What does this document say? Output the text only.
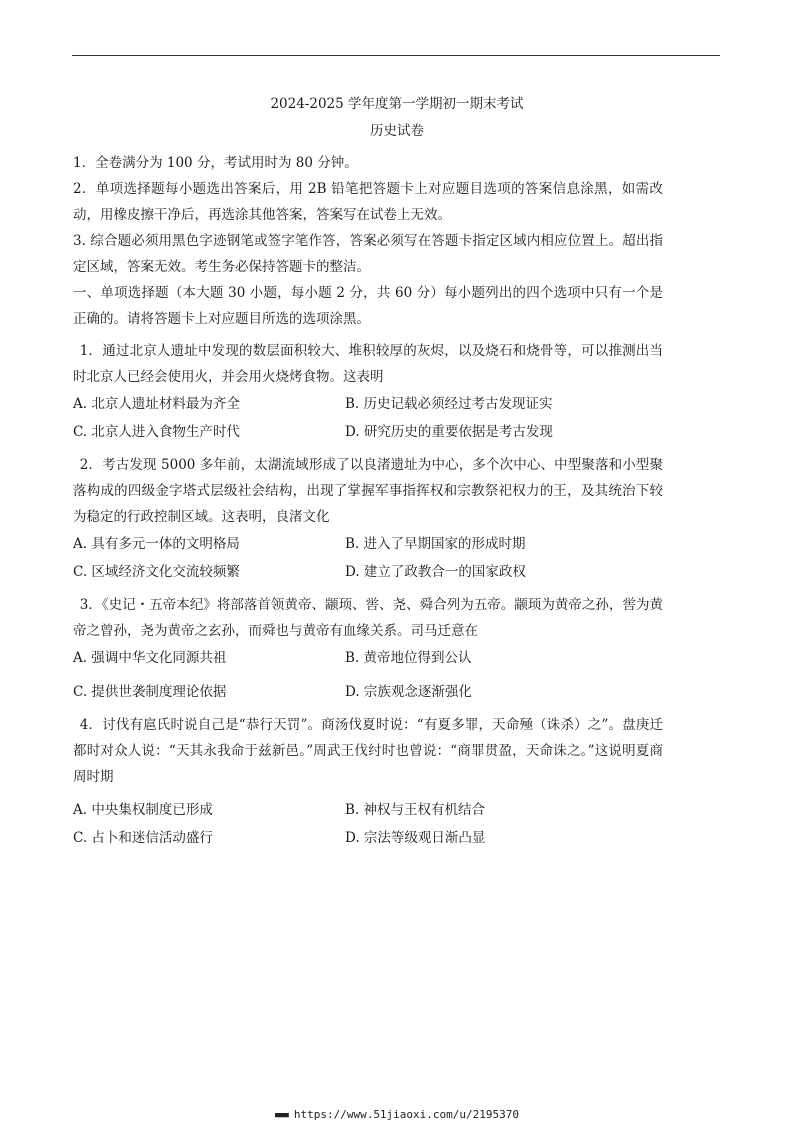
2024-2025 学年度第一学期初一期末考试
历史试卷

1．全卷满分为 100 分，考试用时为 80 分钟。

2．单项选择题每小题选出答案后，用 2B 铅笔把答题卡上对应题目选项的答案信息涂黑，如需改动，用橡皮擦干净后，再选涂其他答案，答案写在试卷上无效。

3. 综合题必须用黑色字迹钢笔或签字笔作答，答案必须写在答题卡指定区域内相应位置上。超出指定区域，答案无效。考生务必保持答题卡的整洁。

一、单项选择题（本大题 30 小题，每小题 2 分，共 60 分）每小题列出的四个选项中只有一个是正确的。请将答题卡上对应题目所选的选项涂黑。

1．通过北京人遗址中发现的数层面积较大、堆积较厚的灰烬，以及烧石和烧骨等，可以推测出当时北京人已经会使用火，并会用火烧烤食物。这表明

A. 北京人遗址材料最为齐全	B. 历史记载必须经过考古发现证实
C. 北京人进入食物生产时代	D. 研究历史的重要依据是考古发现

2．考古发现 5000 多年前，太湖流域形成了以良渚遗址为中心，多个次中心、中型聚落和小型聚落构成的四级金字塔式层级社会结构，出现了掌握军事指挥权和宗教祭祀权力的王，及其统治下较为稳定的行政控制区域。这表明，良渚文化

A. 具有多元一体的文明格局	B. 进入了早期国家的形成时期
C. 区域经济文化交流较频繁	D. 建立了政教合一的国家政权

3．《史记・五帝本纪》将部落首领黄帝、颛顼、喾、尧、舜合列为五帝。颛顼为黄帝之孙，喾为黄帝之曾孙，尧为黄帝之玄孙，而舜也与黄帝有血缘关系。司马迁意在

A. 强调中华文化同源共祖	B. 黄帝地位得到公认
C. 提供世袭制度理论依据	D. 宗族观念逐渐强化

4．讨伐有扈氏时说自己是“恭行天罚”。商汤伐夏时说：“有夏多罪，天命殛（诛杀）之”。盘庚迁都时对众人说：“天其永我命于兹新邑。”周武王伐纣时也曾说：“商罪贯盈，天命诛之。”这说明夏商周时期

A. 中央集权制度已形成	B. 神权与王权有机结合
C. 占卜和迷信活动盛行	D. 宗法等级观日渐凸显
■■■■ https://www.51jiaoxi.com/u/2195370
